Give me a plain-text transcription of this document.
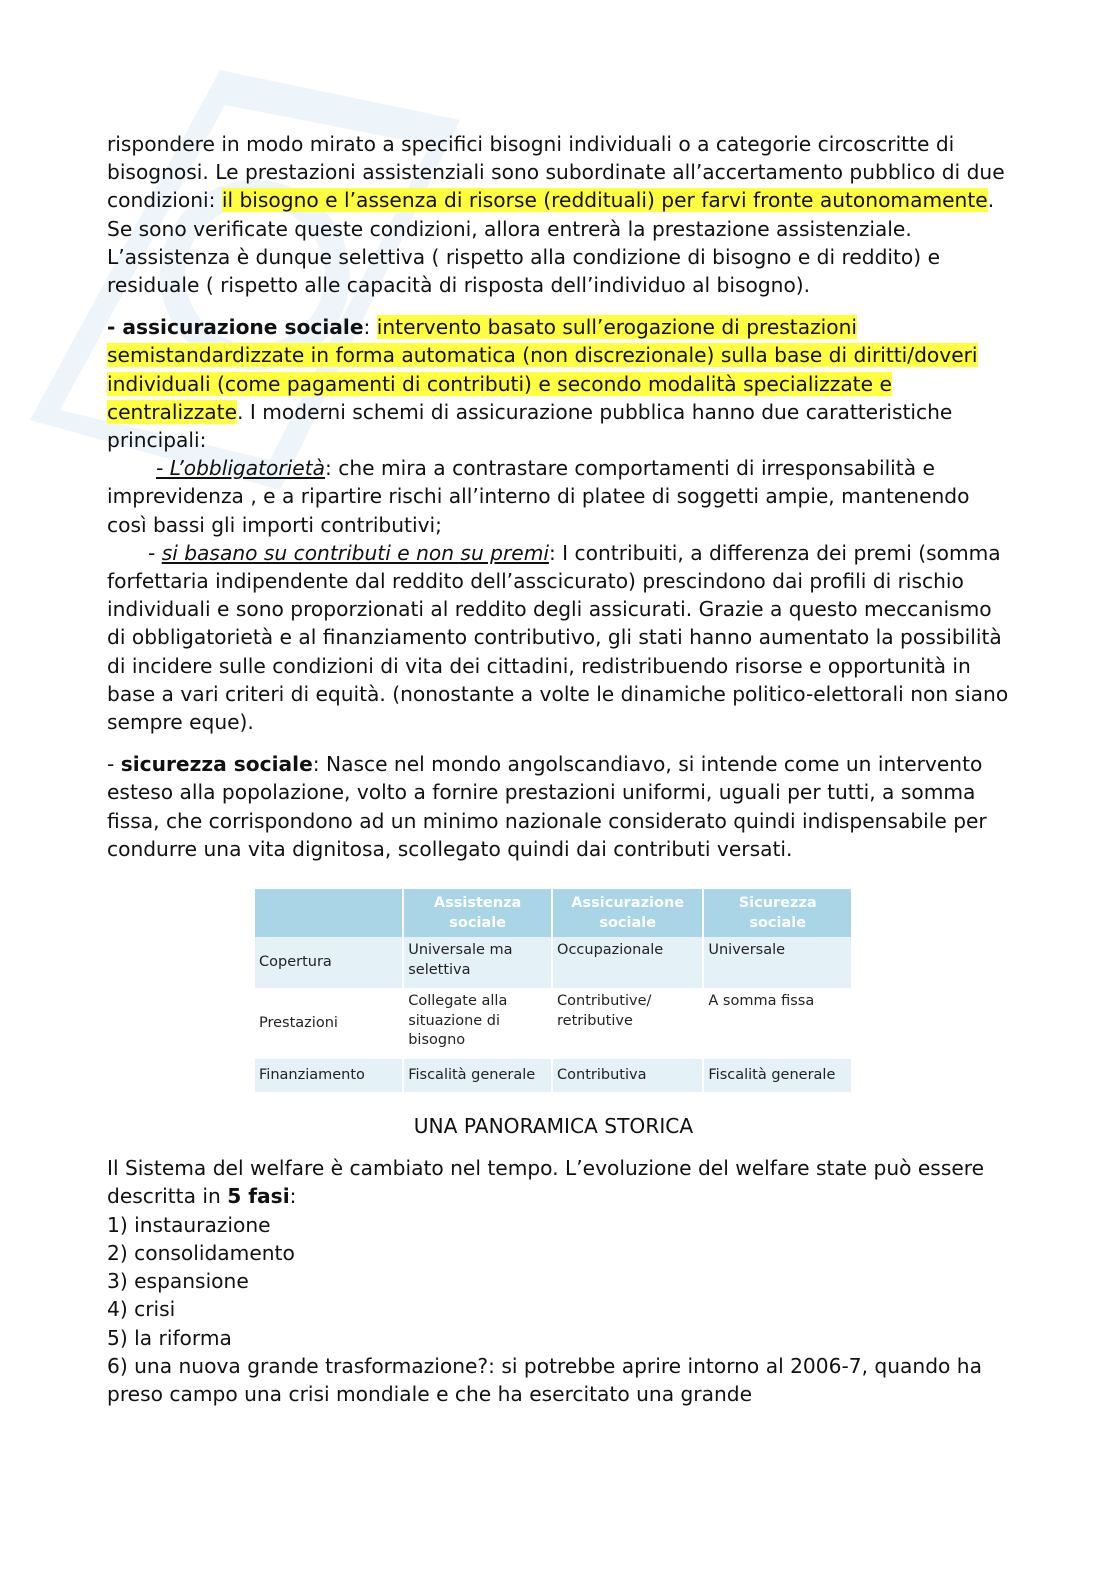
rispondere in modo mirato a specifici bisogni individuali o a categorie circoscritte di bisognosi. Le prestazioni assistenziali sono subordinate all’accertamento pubblico di due condizioni: il bisogno e l’assenza di risorse (reddituali) per farvi fronte autonomamente. Se sono verificate queste condizioni, allora entrerà la prestazione assistenziale. L’assistenza è dunque selettiva ( rispetto alla condizione di bisogno e di reddito) e residuale ( rispetto alle capacità di risposta dell’individuo al bisogno).

- assicurazione sociale: intervento basato sull’erogazione di prestazioni semistandardizzate in forma automatica (non discrezionale) sulla base di diritti/doveri individuali (come pagamenti di contributi) e secondo modalità specializzate e centralizzate. I moderni schemi di assicurazione pubblica hanno due caratteristiche principali:

- L’obbligatorietà: che mira a contrastare comportamenti di irresponsabilità e imprevidenza , e a ripartire rischi all’interno di platee di soggetti ampie, mantenendo così bassi gli importi contributivi;

- si basano su contributi e non su premi: I contribuiti, a differenza dei premi (somma forfettaria indipendente dal reddito dell’asscicurato) prescindono dai profili di rischio individuali e sono proporzionati al reddito degli assicurati. Grazie a questo meccanismo di obbligatorietà e al finanziamento contributivo, gli stati hanno aumentato la possibilità di incidere sulle condizioni di vita dei cittadini, redistribuendo risorse e opportunità in base a vari criteri di equità. (nonostante a volte le dinamiche politico-elettorali non siano sempre eque).

- sicurezza sociale: Nasce nel mondo angolscandiavo, si intende come un intervento esteso alla popolazione, volto a fornire prestazioni uniformi, uguali per tutti, a somma fissa, che corrispondono ad un minimo nazionale considerato quindi indispensabile per condurre una vita dignitosa, scollegato quindi dai contributi versati.

	Assistenza sociale	Assicurazione sociale	Sicurezza sociale
Copertura	Universale ma selettiva	Occupazionale	Universale
Prestazioni	Collegate alla situazione di bisogno	Contributive/ retributive	A somma fissa
Finanziamento	Fiscalità generale	Contributiva	Fiscalità generale

UNA PANORAMICA STORICA

Il Sistema del welfare è cambiato nel tempo. L’evoluzione del welfare state può essere descritta in 5 fasi:

1) instaurazione

2) consolidamento

3) espansione

4) crisi

5) la riforma

6) una nuova grande trasformazione?: si potrebbe aprire intorno al 2006-7, quando ha preso campo una crisi mondiale e che ha esercitato una grande
